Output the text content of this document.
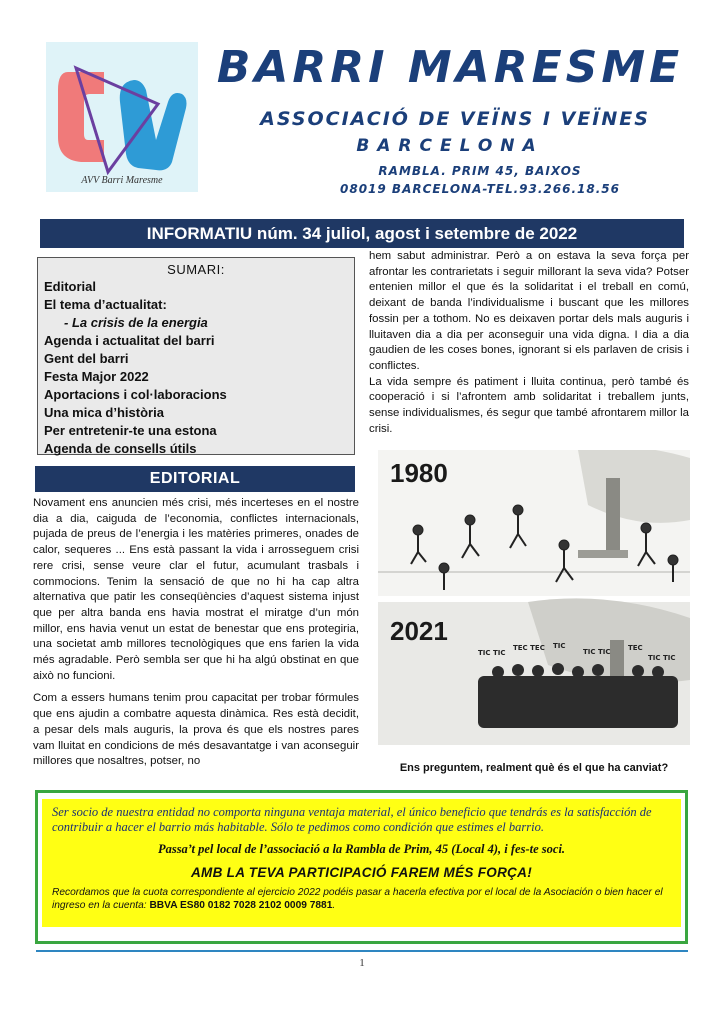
AVV Barri Maresme
BARRI MARESME
ASSOCIACIÓ DE VEÏNS I VEÏNES
BARCELONA
RAMBLA. PRIM 45, BAIXOS
08019 BARCELONA-TEL.93.266.18.56
INFORMATIU núm. 34 juliol, agost i setembre de 2022
SUMARI:
Editorial
El tema d’actualitat:
- La crisis de la energia
Agenda i actualitat del barri
Gent del barri
Festa Major 2022
Aportacions i col·laboracions
Una mica d’història
Per entretenir-te una estona
Agenda de consells útils
EDITORIAL

Novament ens anuncien més crisi, més incerteses en el nostre dia a dia, caiguda de l’economia, conflictes internacionals, pujada de preus de l’energia i les matèries primeres, onades de calor, sequeres ... Ens està passant la vida i arrosseguem crisi rere crisi, sense veure clar el futur, acumulant trasbals i commocions. Tenim la sensació de que no hi ha cap altra alternativa que patir les conseqüències d’aquest sistema injust que per altra banda ens havia mostrat el miratge d’un món millor, ens havia venut un estat de benestar que ens protegiria, una societat amb millores tecnològiques que ens farien la vida més agradable. Però sembla ser que hi ha algú obstinat en que això no funcioni.

Com a essers humans tenim prou capacitat per trobar fórmules que ens ajudin a combatre aquesta dinàmica. Res està decidit, a pesar dels mals auguris, la prova és que els nostres pares vam lluitat en condicions de més desavantatge i van aconseguir millores que nosaltres, potser, no

hem sabut administrar. Però a on estava la seva força per afrontar les contrarietats i seguir millorant la seva vida? Potser entenien millor el que és la solidaritat i el treball en comú, deixant de banda l’individualisme i buscant que les millores fossin per a tothom. No es deixaven portar dels mals auguris i lluitaven dia a dia per aconseguir una vida digna. I dia a dia gaudien de les coses bones, ignorant si els parlaven de crisis i conflictes.

La vida sempre és patiment i lluita continua, però també és cooperació i si l’afrontem amb solidaritat i treballem junts, sense individualismes, és segur que també afrontarem millor la crisi.

TIC TIC
TEC TEC TIC
TIC TIC	TEC
TIC TIC
1980
2021
Ens preguntem, realment què és el que ha canviat?

Ser socio de nuestra entidad no comporta ninguna ventaja material, el único beneficio que tendrás es la satisfacción de contribuir a hacer el barrio más habitable. Sólo te pedimos como condición que estimes el barrio.

Passa’t pel local de l’associació a la Rambla de Prim, 45 (Local 4), i fes-te soci.

AMB LA TEVA PARTICIPACIÓ FAREM MÉS FORÇA!

Recordamos que la cuota correspondiente al ejercicio 2022 podéis pasar a hacerla efectiva por el local de la Asociación o bien hacer el ingreso en la cuenta: BBVA ES80 0182 7028 2102 0009 7881.

1
